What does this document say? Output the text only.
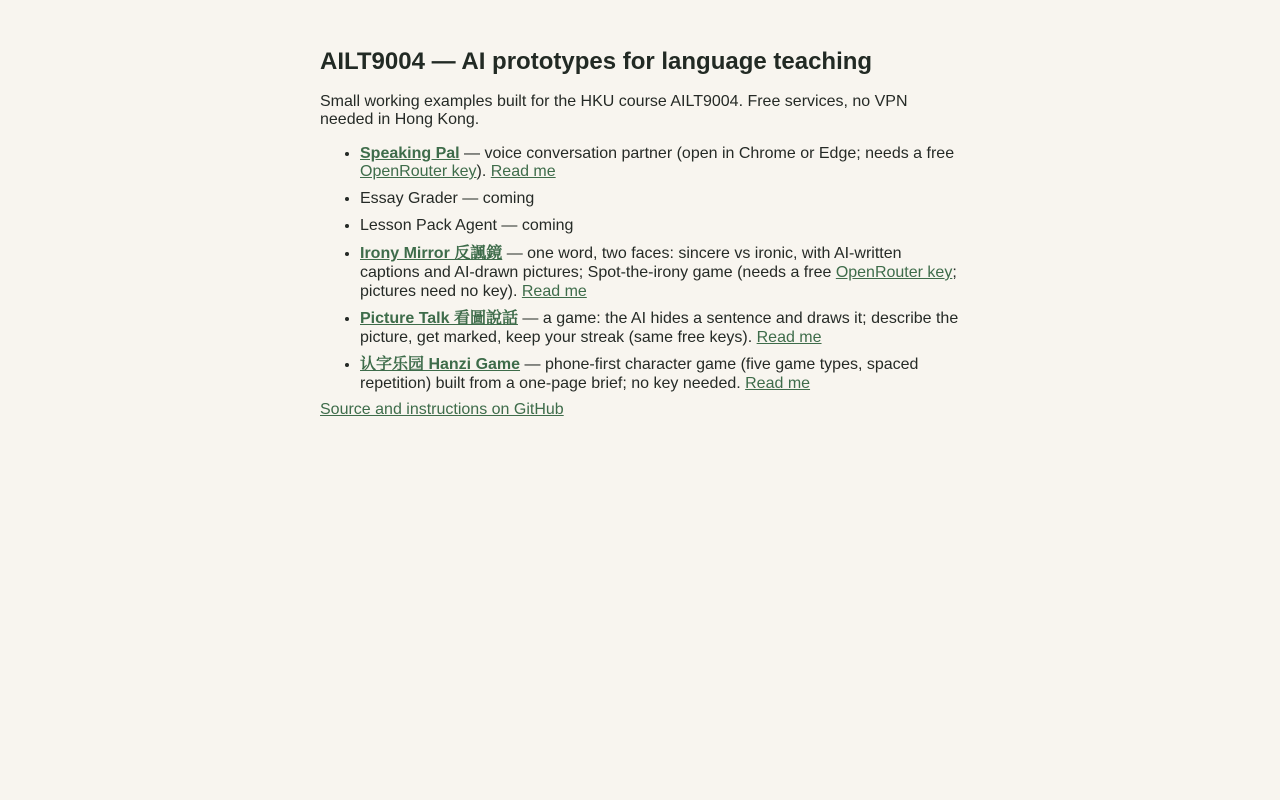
AILT9004 — AI prototypes for language teaching

Small working examples built for the HKU course AILT9004. Free services, no VPN needed in Hong Kong.

• Speaking Pal — voice conversation partner (open in Chrome or Edge; needs a free OpenRouter key). Read me
• Essay Grader — coming
• Lesson Pack Agent — coming
• Irony Mirror 反諷鏡 — one word, two faces: sincere vs ironic, with AI-written captions and AI-drawn pictures; Spot-the-irony game (needs a free OpenRouter key; pictures need no key). Read me
• Picture Talk 看圖說話 — a game: the AI hides a sentence and draws it; describe the picture, get marked, keep your streak (same free keys). Read me
• 认字乐园 Hanzi Game — phone-first character game (five game types, spaced repetition) built from a one-page brief; no key needed. Read me
Source and instructions on GitHub
